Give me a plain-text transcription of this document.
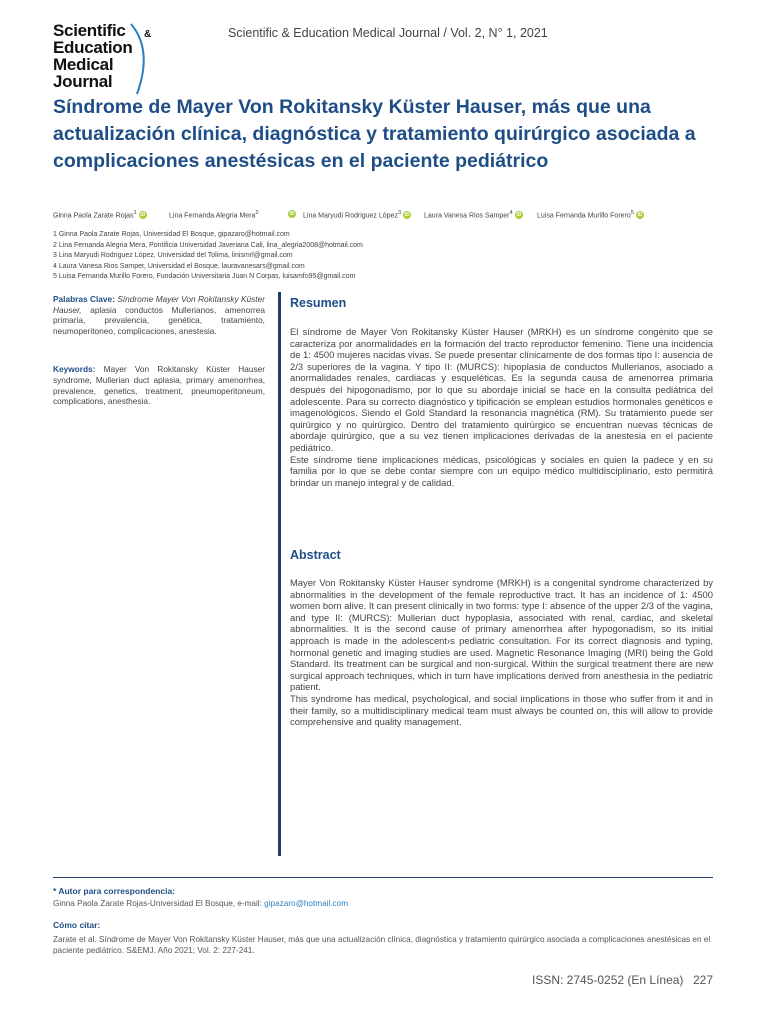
Scientific &
Education
Medical
Journal
Scientific & Education Medical Journal / Vol. 2, N° 1, 2021
Síndrome de Mayer Von Rokitansky Küster Hauser, más que una actualización clínica, diagnóstica y tratamiento quirúrgico asociada a complicaciones anestésicas en el paciente pediátrico
Ginna Paola Zarate Rojas$^1$ iD	Lina Fernanda Alegria Mera$^2$	iD Lina Maryudi Rodriguez López$^3$ iD Laura Vanesa Rios Samper$^4$ iD Luisa Fernanda Murillo Forero$^5$ iD
1 Ginna Paola Zarate Rojas, Universidad El Bosque, gipazaro@hotmail.com
2 Lina Fernanda Alegria Mera, Pontificia Universidad Javeriana Cali, lina_alegria2008@hotmail.com
3 Lina Maryudi Rodriguez López, Universidad del Tolima, linismrl@gmail.com
4 Laura Vanesa Rios Samper, Universidad el Bosque, lauravanesars@gmail.com
5 Luisa Fernanda Murillo Forero, Fundación Universitaria Juan N Corpas, luisamfo95@gmail.com
Palabras Clave: Síndrome Mayer Von Rokitansky Küster Hauser, aplasia conductos Mullerianos, amenorrea primaria, prevalencia, genética, tratamiento, neumoperitoneo, complicaciones, anestesia.
Keywords: Mayer Von Rokitansky Küster Hauser syndrome, Mullerian duct aplasia, primary amenorrhea, prevalence, genetics, treatment, pneumoperitoneum, complications, anesthesia.
Resumen

El síndrome de Mayer Von Rokitansky Küster Hauser (MRKH) es un síndrome congénito que se caracteriza por anormalidades en la formación del tracto reproductor femenino. Tiene una incidencia de 1: 4500 mujeres nacidas vivas. Se puede presentar clínicamente de dos formas tipo I: ausencia de 2/3 superiores de la vagina. Y tipo II: (MURCS): hipoplasia de conductos Mullerianos, asociado a anormalidades renales, cardiacas y esqueléticas. Es la segunda causa de amenorrea primaria después del hipogonadismo, por lo que su abordaje inicial se hace en la consulta pediátrica del adolescente. Para su correcto diagnóstico y tipificación se emplean estudios hormonales genéticos e imagenológicos. Siendo el Gold Standard la resonancia magnética (RM). Su tratamiento puede ser quirúrgico y no quirúrgico. Dentro del tratamiento quirúrgico se encuentran nuevas técnicas de abordaje quirúrgico, que a su vez tienen implicaciones derivadas de la anestesia en el paciente pediátrico.

Este síndrome tiene implicaciones médicas, psicológicas y sociales en quien la padece y en su familia por lo que se debe contar siempre con un equipo médico multidisciplinario, esto permitirá brindar un manejo integral y de calidad.

Abstract

Mayer Von Rokitansky Küster Hauser syndrome (MRKH) is a congenital syndrome characterized by abnormalities in the development of the female reproductive tract. It has an incidence of 1: 4500 women born alive. It can present clinically in two forms: type I: absence of the upper 2/3 of the vagina, and type II: (MURCS): Mullerian duct hypoplasia, associated with renal, cardiac, and skeletal abnormalities. It is the second cause of primary amenorrhea after hypogonadism, so its initial approach is made in the adolescent›s pediatric consultation. For its correct diagnosis and typing, hormonal genetic and imaging studies are used. Magnetic Resonance Imaging (MRI) being the Gold Standard. Its treatment can be surgical and non-surgical. Within the surgical treatment there are new surgical approach techniques, which in turn have implications derived from anesthesia in the pediatric patient.

This syndrome has medical, psychological, and social implications in those who suffer from it and in their family, so a multidisciplinary medical team must always be counted on, this will allow to provide comprehensive and quality management.

* Autor para correspondencia:
Ginna Paola Zarate Rojas-Universidad El Bosque, e-mail: gipazaro@hotmail.com
Cómo citar:
Zarate et al. Síndrome de Mayer Von Rokitansky Küster Hauser, más que una actualización clínica, diagnóstica y tratamiento quirúrgico asociada a complicaciones anestésicas en el paciente pediátrico. S&EMJ. Año 2021; Vol. 2: 227-241.
ISSN: 2745-0252 (En Línea) 227
